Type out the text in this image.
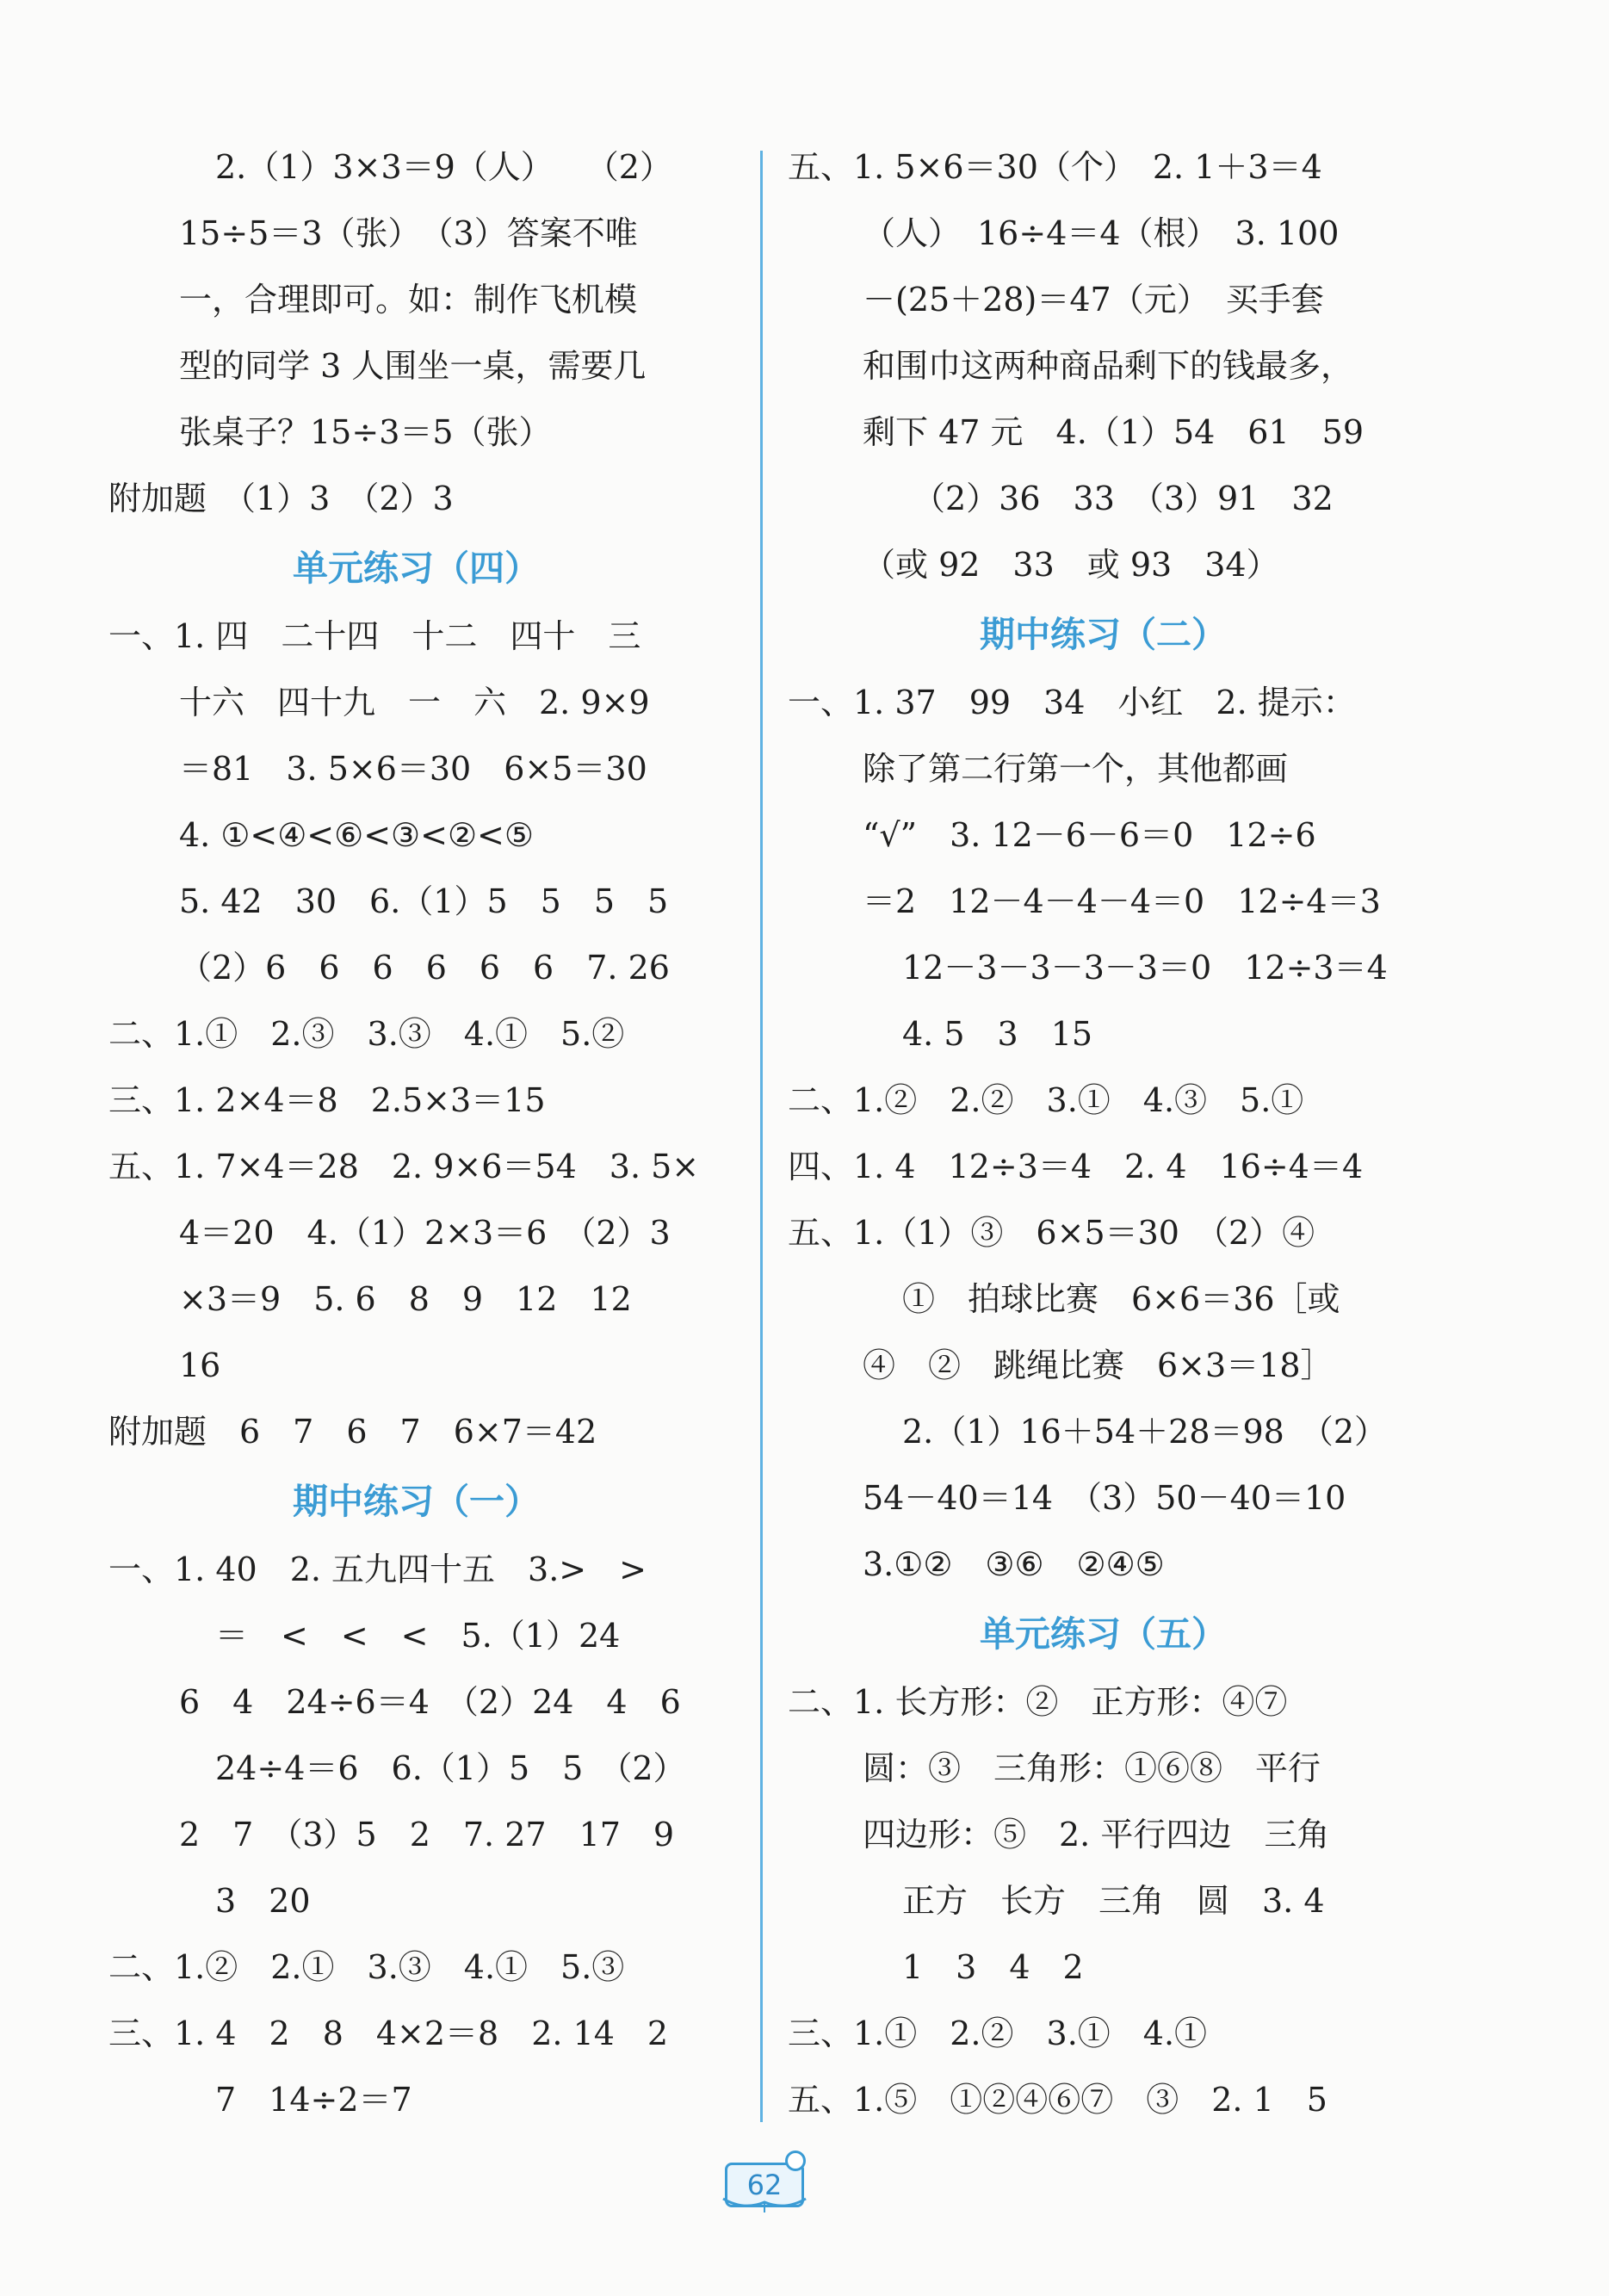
2.（1）3×3＝9（人）　　（2）
15÷5＝3（张）　（3）答案不唯
一，合理即可。如：制作飞机模
型的同学 3 人围坐一桌，需要几
张桌子？15÷3＝5（张）
附加题　（1）3　（2）3
单元练习（四）
一、1. 四　二十四　十二　四十　三
十六　四十九　一　六　2. 9×9
＝81　3. 5×6＝30　6×5＝30
4. ①<④<⑥<③<②<⑤
5. 42　30　6.（1）5　5　5　5
（2）6　6　6　6　6　6　7. 26
二、1.①　2.③　3.③　4.①　5.②
三、1. 2×4＝8　2.5×3＝15
五、1. 7×4＝28　2. 9×6＝54　3. 5×
4＝20　4.（1）2×3＝6　（2）3
×3＝9　5. 6　8　9　12　12
16
附加题　6　7　6　7　6×7＝42
期中练习（一）
一、1. 40　2. 五九四十五　3.>　>
＝　<　<　<　5.（1）24
6　4　24÷6＝4　（2）24　4　6
24÷4＝6　6.（1）5　5　（2）
2　7　（3）5　2　7. 27　17　9
3　20
二、1.②　2.①　3.③　4.①　5.③
三、1. 4　2　8　4×2＝8　2. 14　2
7　14÷2＝7
五、1. 5×6＝30（个）　2. 1＋3＝4
（人）　16÷4＝4（根）　3. 100
－(25＋28)＝47（元）　买手套
和围巾这两种商品剩下的钱最多，
剩下 47 元　4.（1）54　61　59
（2）36　33　（3）91　32
（或 92　33　或 93　34）
期中练习（二）
一、1. 37　99　34　小红　2. 提示：
除了第二行第一个，其他都画
“√”　3. 12－6－6＝0　12÷6
＝2　12－4－4－4＝0　12÷4＝3
12－3－3－3－3＝0　12÷3＝4
4. 5　3　15
二、1.②　2.②　3.①　4.③　5.①
四、1. 4　12÷3＝4　2. 4　16÷4＝4
五、1.（1）③　6×5＝30　（2）④
①　拍球比赛　6×6＝36［或
④　②　跳绳比赛　6×3＝18］
2.（1）16＋54＋28＝98　（2）
54－40＝14　（3）50－40＝10
3.①②　③⑥　②④⑤
单元练习（五）
二、1. 长方形：②　正方形：④⑦
圆：③　三角形：①⑥⑧　平行
四边形：⑤　2. 平行四边　三角
正方　长方　三角　圆　3. 4
1　3　4　2
三、1.①　2.②　3.①　4.①
五、1.⑤　①②④⑥⑦　③　2. 1　5
62
